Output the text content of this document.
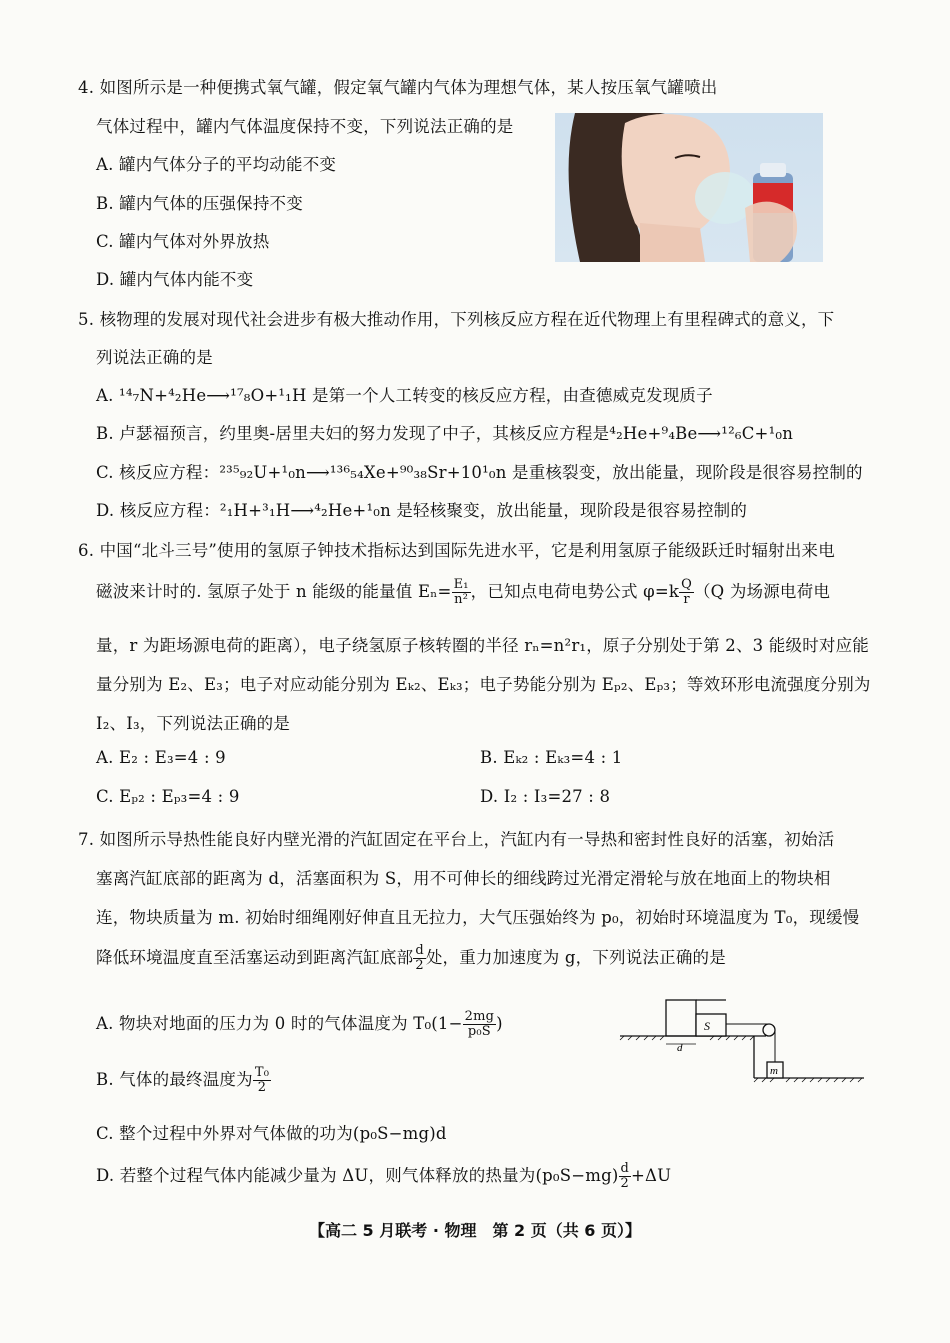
4. 如图所示是一种便携式氧气罐，假定氧气罐内气体为理想气体，某人按压氧气罐喷出
气体过程中，罐内气体温度保持不变，下列说法正确的是
A. 罐内气体分子的平均动能不变
B. 罐内气体的压强保持不变
C. 罐内气体对外界放热
D. 罐内气体内能不变
5. 核物理的发展对现代社会进步有极大推动作用，下列核反应方程在近代物理上有里程碑式的意义，下
列说法正确的是
A. ¹⁴₇N+⁴₂He⟶¹⁷₈O+¹₁H 是第一个人工转变的核反应方程，由查德威克发现质子
B. 卢瑟福预言，约里奥-居里夫妇的努力发现了中子，其核反应方程是⁴₂He+⁹₄Be⟶¹²₆C+¹₀n
C. 核反应方程：²³⁵₉₂U+¹₀n⟶¹³⁶₅₄Xe+⁹⁰₃₈Sr+10¹₀n 是重核裂变，放出能量，现阶段是很容易控制的
D. 核反应方程：²₁H+³₁H⟶⁴₂He+¹₀n 是轻核聚变，放出能量，现阶段是很容易控制的
6. 中国“北斗三号”使用的氢原子钟技术指标达到国际先进水平，它是利用氢原子能级跃迁时辐射出来电
磁波来计时的. 氢原子处于 n 能级的能量值 $E_n= \frac{\text{E₁}}{\text{n²}}$ ，已知点电荷电势公式 $\varphi=k \frac{Q}{r} (Q$ 为场源电荷电
量，r 为距场源电荷的距离），电子绕氢原子核转圈的半径 rₙ=n²r₁，原子分别处于第 2、3 能级时对应能
量分别为 E₂、E₃；电子对应动能分别为 Eₖ₂、Eₖ₃；电子势能分别为 Eₚ₂、Eₚ₃；等效环形电流强度分别为
I₂、I₃，下列说法正确的是
A. E₂ : E₃=4 : 9	B. Eₖ₂ : Eₖ₃=4 : 1
C. Eₚ₂ : Eₚ₃=4 : 9	D. I₂ : I₃=27 : 8
7. 如图所示导热性能良好内壁光滑的汽缸固定在平台上，汽缸内有一导热和密封性良好的活塞，初始活
塞离汽缸底部的距离为 d，活塞面积为 S，用不可伸长的细线跨过光滑定滑轮与放在地面上的物块相
连，物块质量为 m. 初始时细绳刚好伸直且无拉力，大气压强始终为 p₀，初始时环境温度为 T₀，现缓慢
降低环境温度直至活塞运动到距离汽缸底部 $\frac{d}{2}$ 处，重力加速度为 g，下列说法正确的是
A. 物块对地面的压力为 0 时的气体温度为 $T_0(1- \frac{2mg}{\text{p₀S}}$ )
B. 气体的最终温度为 $\frac{\text{T₀}}{2}$
C. 整个过程中外界对气体做的功为(p₀S−mg)d
D. 若整个过程气体内能减少量为 ΔU，则气体释放的热量为$(p_0S-mg) \frac{d}{2} +\Delta U$
S
m
d
【高二 5 月联考 · 物理　第 2 页（共 6 页）】
